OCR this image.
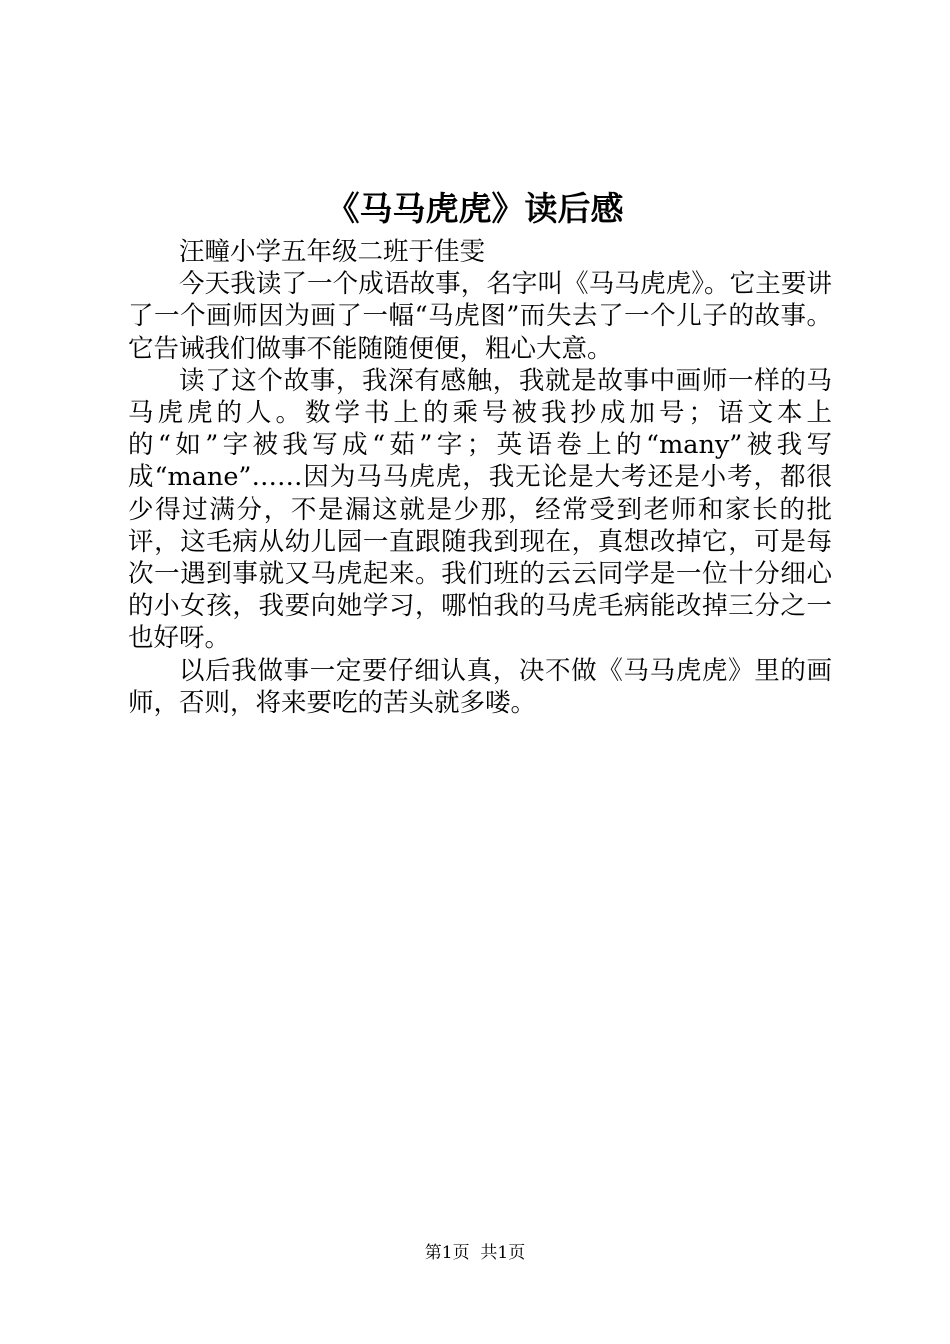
《马马虎虎》读后感

汪疃小学五年级二班于佳雯

今天我读了一个成语故事，名字叫《马马虎虎》。它主要讲了一个画师因为画了一幅“马虎图”而失去了一个儿子的故事。它告诫我们做事不能随随便便，粗心大意。

读了这个故事，我深有感触，我就是故事中画师一样的马马虎虎的人。数学书上的乘号被我抄成加号；语文本上的“如”字被我写成“茹”字；英语卷上的“many”被我写成“mane”……因为马马虎虎，我无论是大考还是小考，都很少得过满分，不是漏这就是少那，经常受到老师和家长的批评，这毛病从幼儿园一直跟随我到现在，真想改掉它，可是每次一遇到事就又马虎起来。我们班的云云同学是一位十分细心的小女孩，我要向她学习，哪怕我的马虎毛病能改掉三分之一也好呀。

以后我做事一定要仔细认真，决不做《马马虎虎》里的画师，否则，将来要吃的苦头就多喽。

第1页  共1页
